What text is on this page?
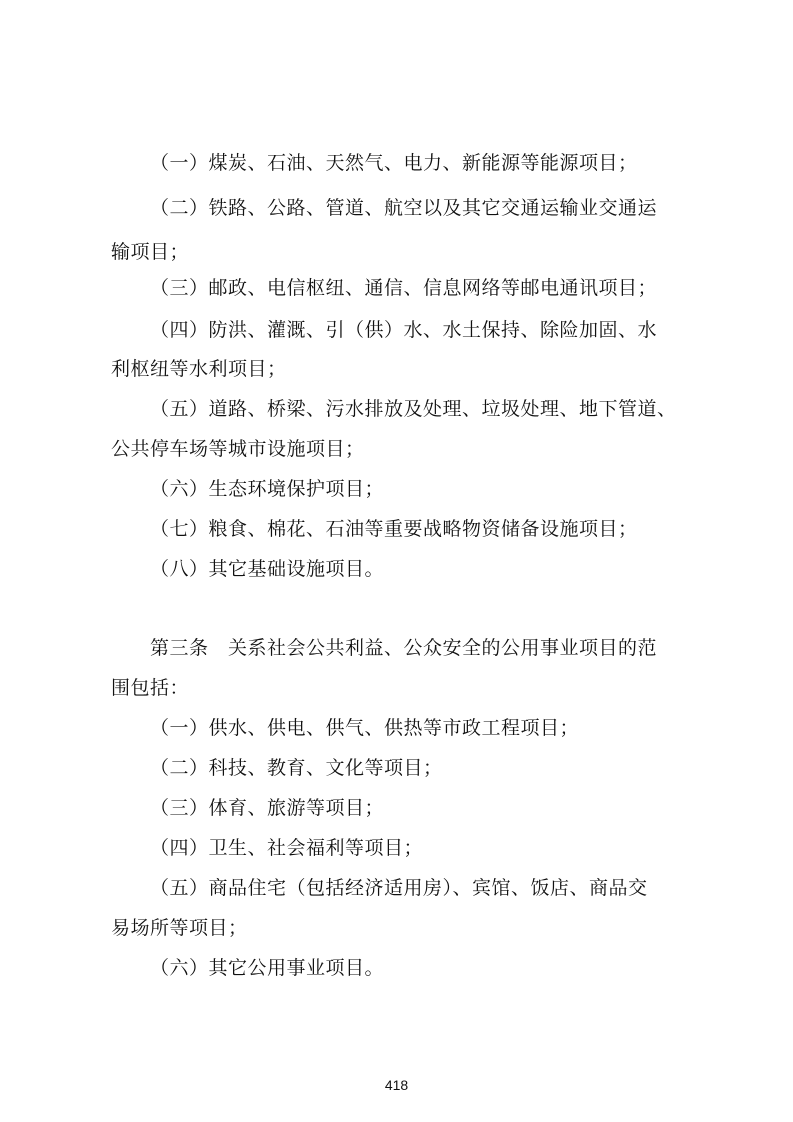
（一）煤炭、石油、天然气、电力、新能源等能源项目；
（二）铁路、公路、管道、航空以及其它交通运输业交通运
输项目；
（三）邮政、电信枢纽、通信、信息网络等邮电通讯项目；
（四）防洪、灌溉、引（供）水、水土保持、除险加固、水
利枢纽等水利项目；
（五）道路、桥梁、污水排放及处理、垃圾处理、地下管道、
公共停车场等城市设施项目；
（六）生态环境保护项目；
（七）粮食、棉花、石油等重要战略物资储备设施项目；
（八）其它基础设施项目。
第三条　关系社会公共利益、公众安全的公用事业项目的范
围包括：
（一）供水、供电、供气、供热等市政工程项目；
（二）科技、教育、文化等项目；
（三）体育、旅游等项目；
（四）卫生、社会福利等项目；
（五）商品住宅（包括经济适用房）、宾馆、饭店、商品交
易场所等项目；
（六）其它公用事业项目。
418
